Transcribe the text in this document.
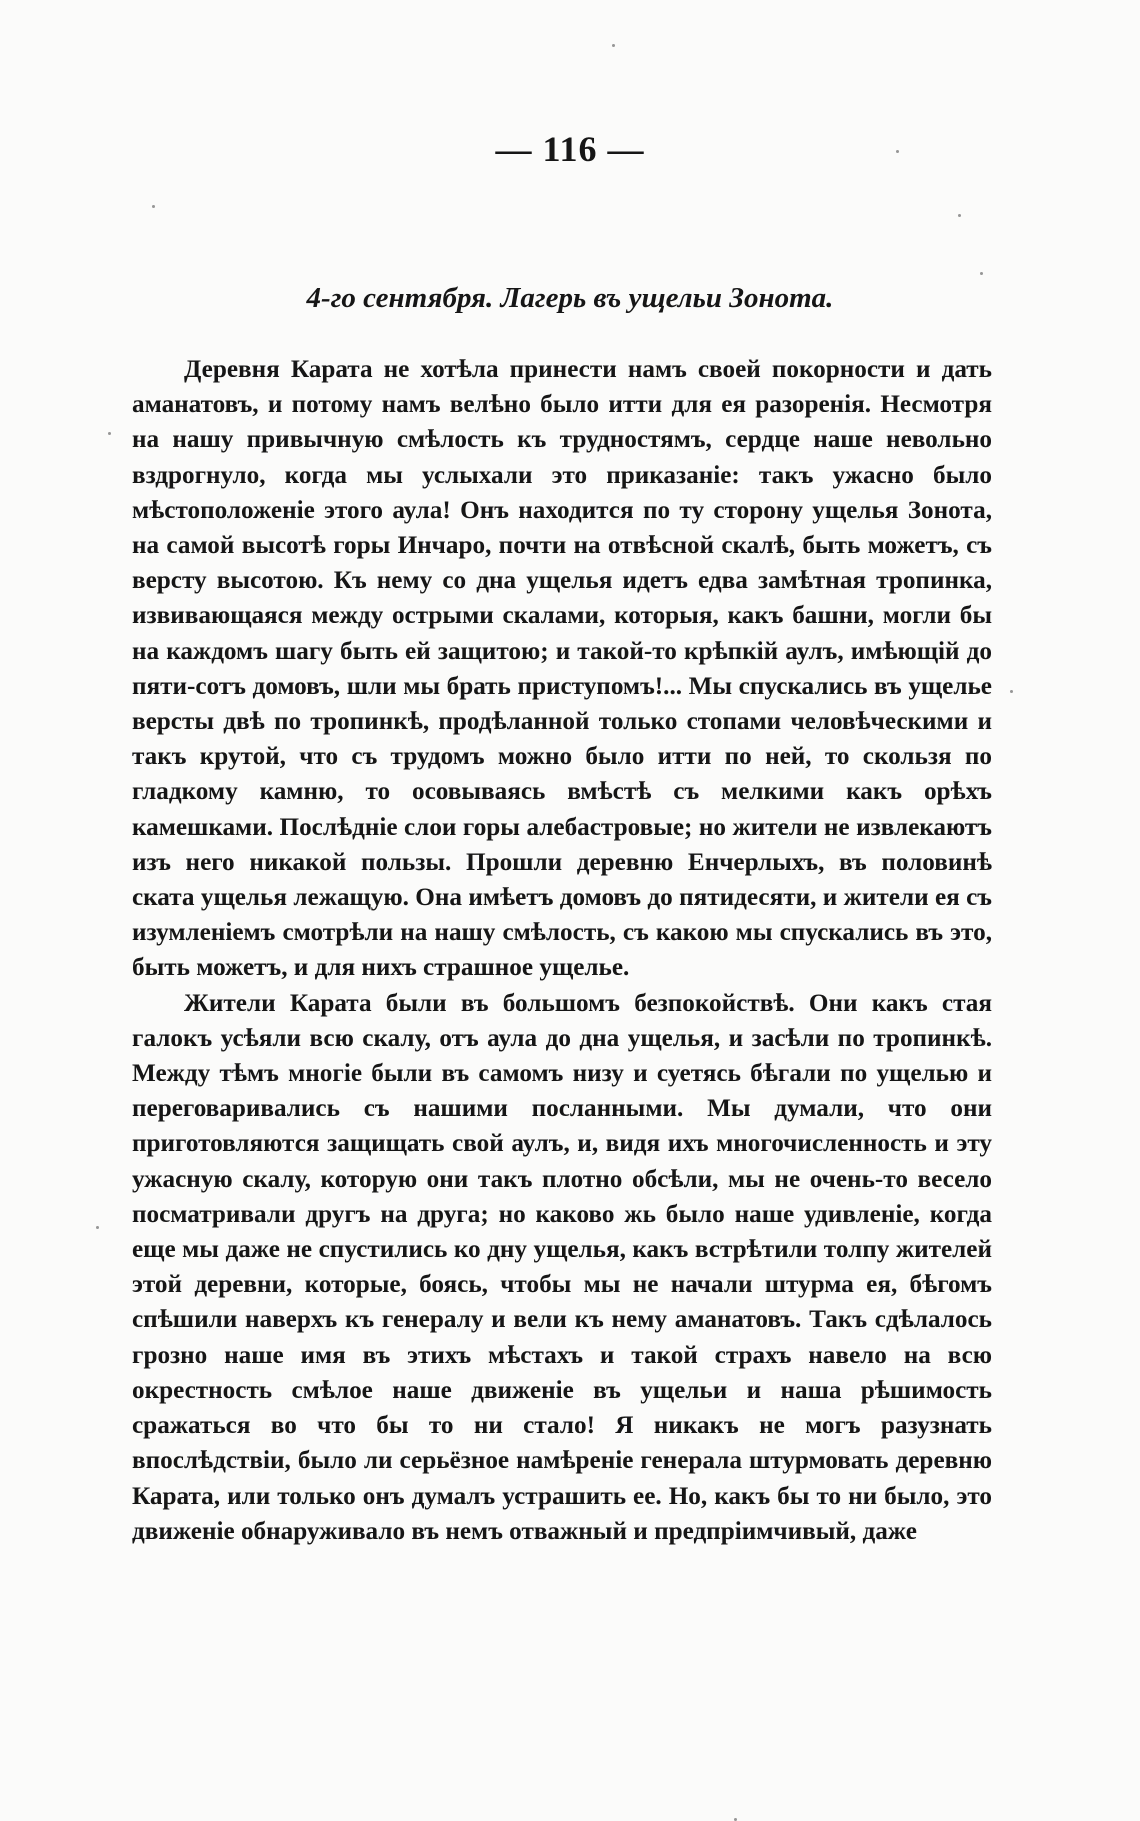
— 116 —
4-го сентября. Лагерь въ ущельи Зонота.

Деревня Карата не хотѣла принести намъ своей покорности и дать аманатовъ, и потому намъ велѣно было итти для ея разоренія. Несмотря на нашу привычную смѣлость къ трудностямъ, сердце наше невольно вздрогнуло, когда мы услыхали это приказаніе: такъ ужасно было мѣстоположеніе этого аула! Онъ находится по ту сторону ущелья Зонота, на самой высотѣ горы Инчаро, почти на отвѣсной скалѣ, быть можетъ, съ версту высотою. Къ нему со дна ущелья идетъ едва замѣтная тропинка, извивающаяся между острыми скалами, которыя, какъ башни, могли бы на каждомъ шагу быть ей защитою; и такой-то крѣпкій аулъ, имѣющій до пяти-сотъ домовъ, шли мы брать приступомъ!... Мы спускались въ ущелье версты двѣ по тропинкѣ, продѣланной только стопами человѣческими и такъ крутой, что съ трудомъ можно было итти по ней, то скользя по гладкому камню, то осовываясь вмѣстѣ съ мелкими какъ орѣхъ камешками. Послѣдніе слои горы алебастровые; но жители не извлекаютъ изъ него никакой пользы. Прошли деревню Енчерлыхъ, въ половинѣ ската ущелья лежащую. Она имѣетъ домовъ до пятидесяти, и жители ея съ изумленіемъ смотрѣли на нашу смѣлость, съ какою мы спускались въ это, быть можетъ, и для нихъ страшное ущелье.

Жители Карата были въ большомъ безпокойствѣ. Они какъ стая галокъ усѣяли всю скалу, отъ аула до дна ущелья, и засѣли по тропинкѣ. Между тѣмъ многіе были въ самомъ низу и суетясь бѣгали по ущелью и переговаривались съ нашими посланными. Мы думали, что они приготовляются защищать свой аулъ, и, видя ихъ многочисленность и эту ужасную скалу, которую они такъ плотно обсѣли, мы не очень-то весело посматривали другъ на друга; но каково жь было наше удивленіе, когда еще мы даже не спустились ко дну ущелья, какъ встрѣтили толпу жителей этой деревни, которые, боясь, чтобы мы не начали штурма ея, бѣгомъ спѣшили наверхъ къ генералу и вели къ нему аманатовъ. Такъ сдѣлалось грозно наше имя въ этихъ мѣстахъ и такой страхъ навело на всю окрестность смѣлое наше движеніе въ ущельи и наша рѣшимость сражаться во что бы то ни стало! Я никакъ не могъ разузнать впослѣдствіи, было ли серьёзное намѣреніе генерала штурмовать деревню Карата, или только онъ думалъ устрашить ее. Но, какъ бы то ни было, это движеніе обнаруживало въ немъ отважный и предпріимчивый, даже
